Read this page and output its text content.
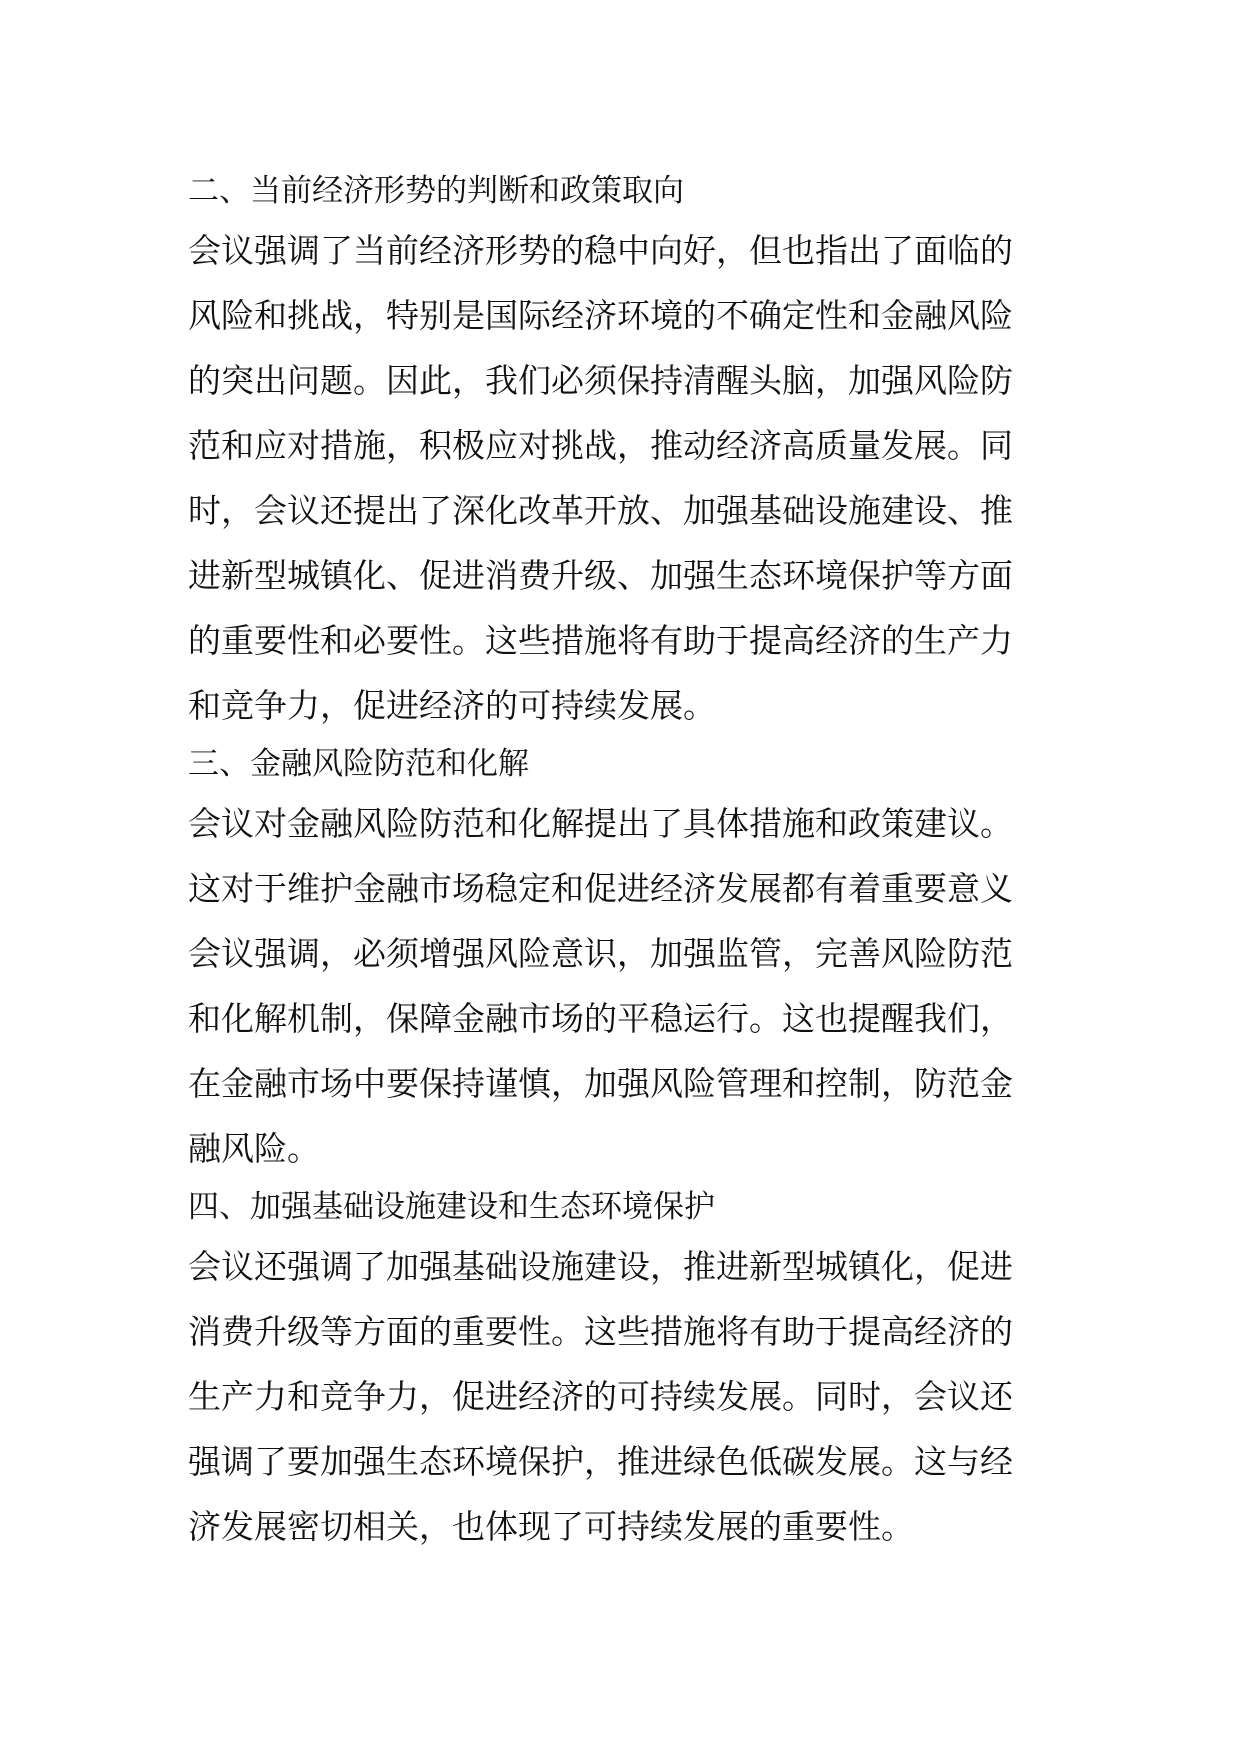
二、当前经济形势的判断和政策取向
会议强调了当前经济形势的稳中向好，但也指出了面临的
风险和挑战，特别是国际经济环境的不确定性和金融风险
的突出问题。因此，我们必须保持清醒头脑，加强风险防
范和应对措施，积极应对挑战，推动经济高质量发展。同
时，会议还提出了深化改革开放、加强基础设施建设、推
进新型城镇化、促进消费升级、加强生态环境保护等方面
的重要性和必要性。这些措施将有助于提高经济的生产力
和竞争力，促进经济的可持续发展。
三、金融风险防范和化解
会议对金融风险防范和化解提出了具体措施和政策建议。
这对于维护金融市场稳定和促进经济发展都有着重要意义
会议强调，必须增强风险意识，加强监管，完善风险防范
和化解机制，保障金融市场的平稳运行。这也提醒我们，
在金融市场中要保持谨慎，加强风险管理和控制，防范金
融风险。
四、加强基础设施建设和生态环境保护
会议还强调了加强基础设施建设，推进新型城镇化，促进
消费升级等方面的重要性。这些措施将有助于提高经济的
生产力和竞争力，促进经济的可持续发展。同时，会议还
强调了要加强生态环境保护，推进绿色低碳发展。这与经
济发展密切相关，也体现了可持续发展的重要性。
